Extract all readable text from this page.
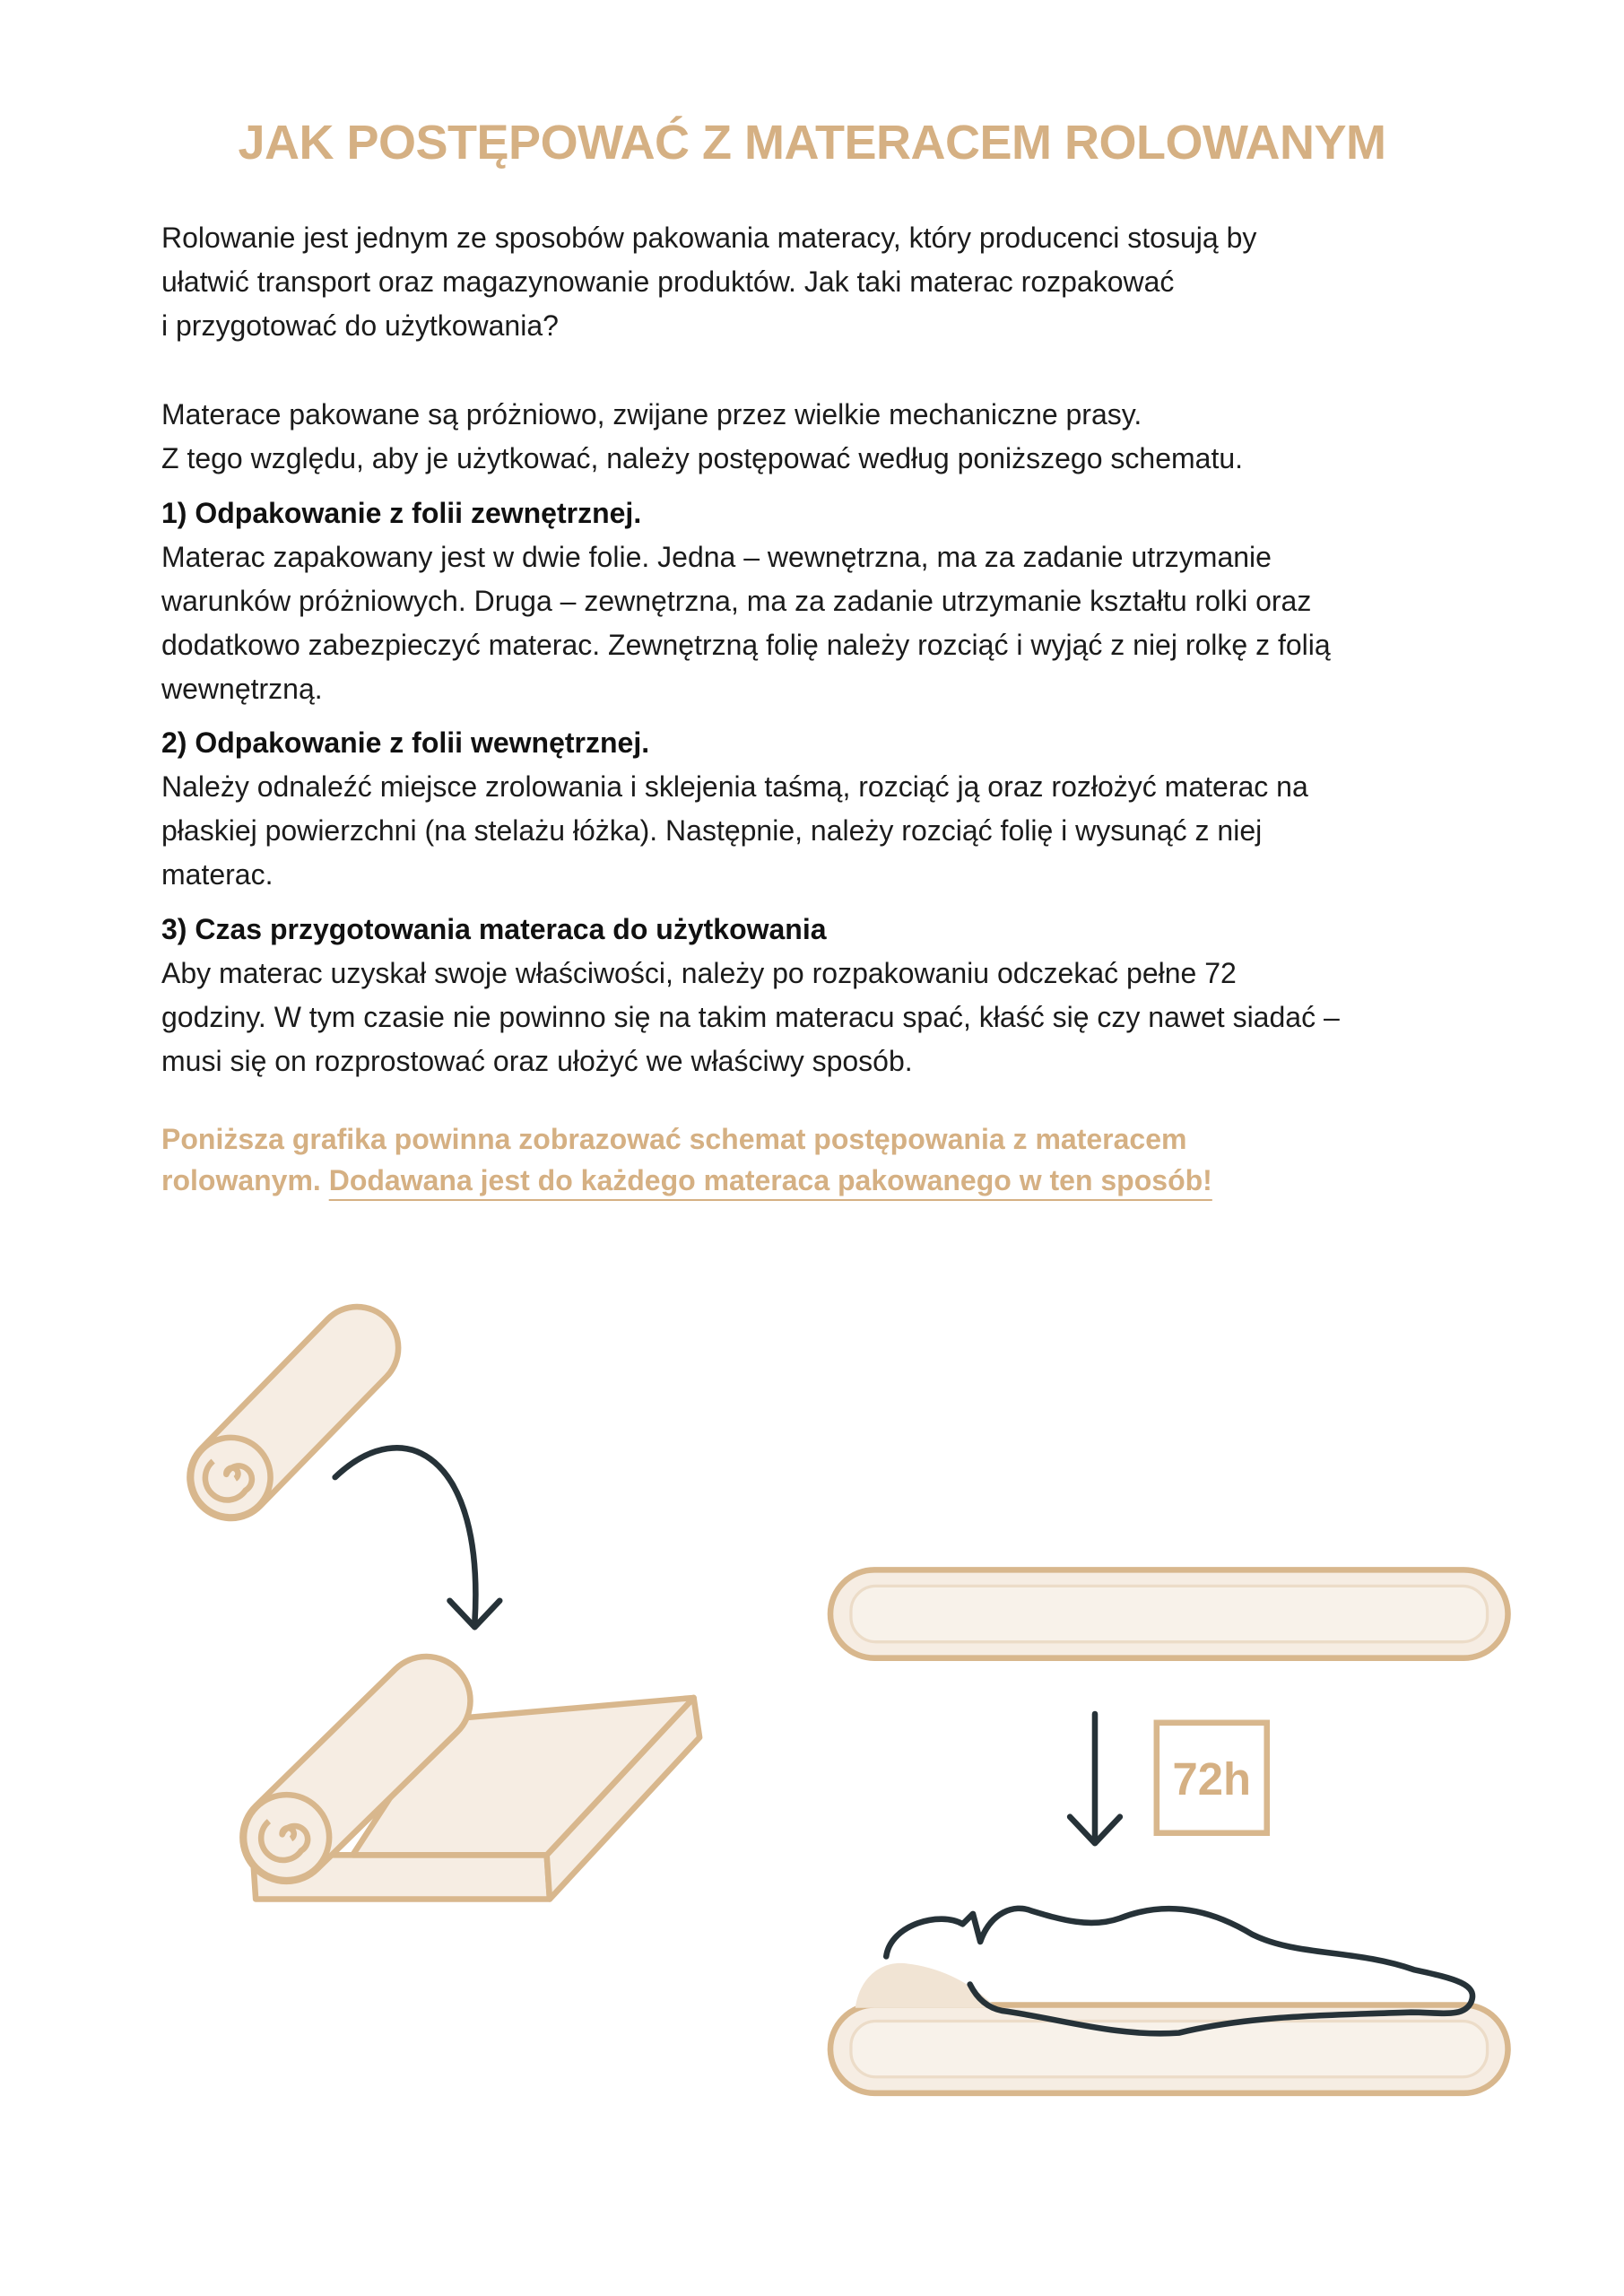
JAK POSTĘPOWAĆ Z MATERACEM ROLOWANYM
Rolowanie jest jednym ze sposobów pakowania materacy, który producenci stosują by
ułatwić transport oraz magazynowanie produktów. Jak taki materac rozpakować
i przygotować do użytkowania?
Materace pakowane są próżniowo, zwijane przez wielkie mechaniczne prasy.
Z tego względu, aby je użytkować, należy postępować według poniższego schematu.
1) Odpakowanie z folii zewnętrznej.
Materac zapakowany jest w dwie folie. Jedna – wewnętrzna, ma za zadanie utrzymanie
warunków próżniowych. Druga – zewnętrzna, ma za zadanie utrzymanie kształtu rolki oraz
dodatkowo zabezpieczyć materac. Zewnętrzną folię należy rozciąć i wyjąć z niej rolkę z folią
wewnętrzną.
2) Odpakowanie z folii wewnętrznej.
Należy odnaleźć miejsce zrolowania i sklejenia taśmą, rozciąć ją oraz rozłożyć materac na
płaskiej powierzchni (na stelażu łóżka). Następnie, należy rozciąć folię i wysunąć z niej
materac.
3) Czas przygotowania materaca do użytkowania
Aby materac uzyskał swoje właściwości, należy po rozpakowaniu odczekać pełne 72
godziny. W tym czasie nie powinno się na takim materacu spać, kłaść się czy nawet siadać –
musi się on rozprostować oraz ułożyć we właściwy sposób.
Poniższa grafika powinna zobrazować schemat postępowania z materacem
rolowanym. Dodawana jest do każdego materaca pakowanego w ten sposób!
72h
